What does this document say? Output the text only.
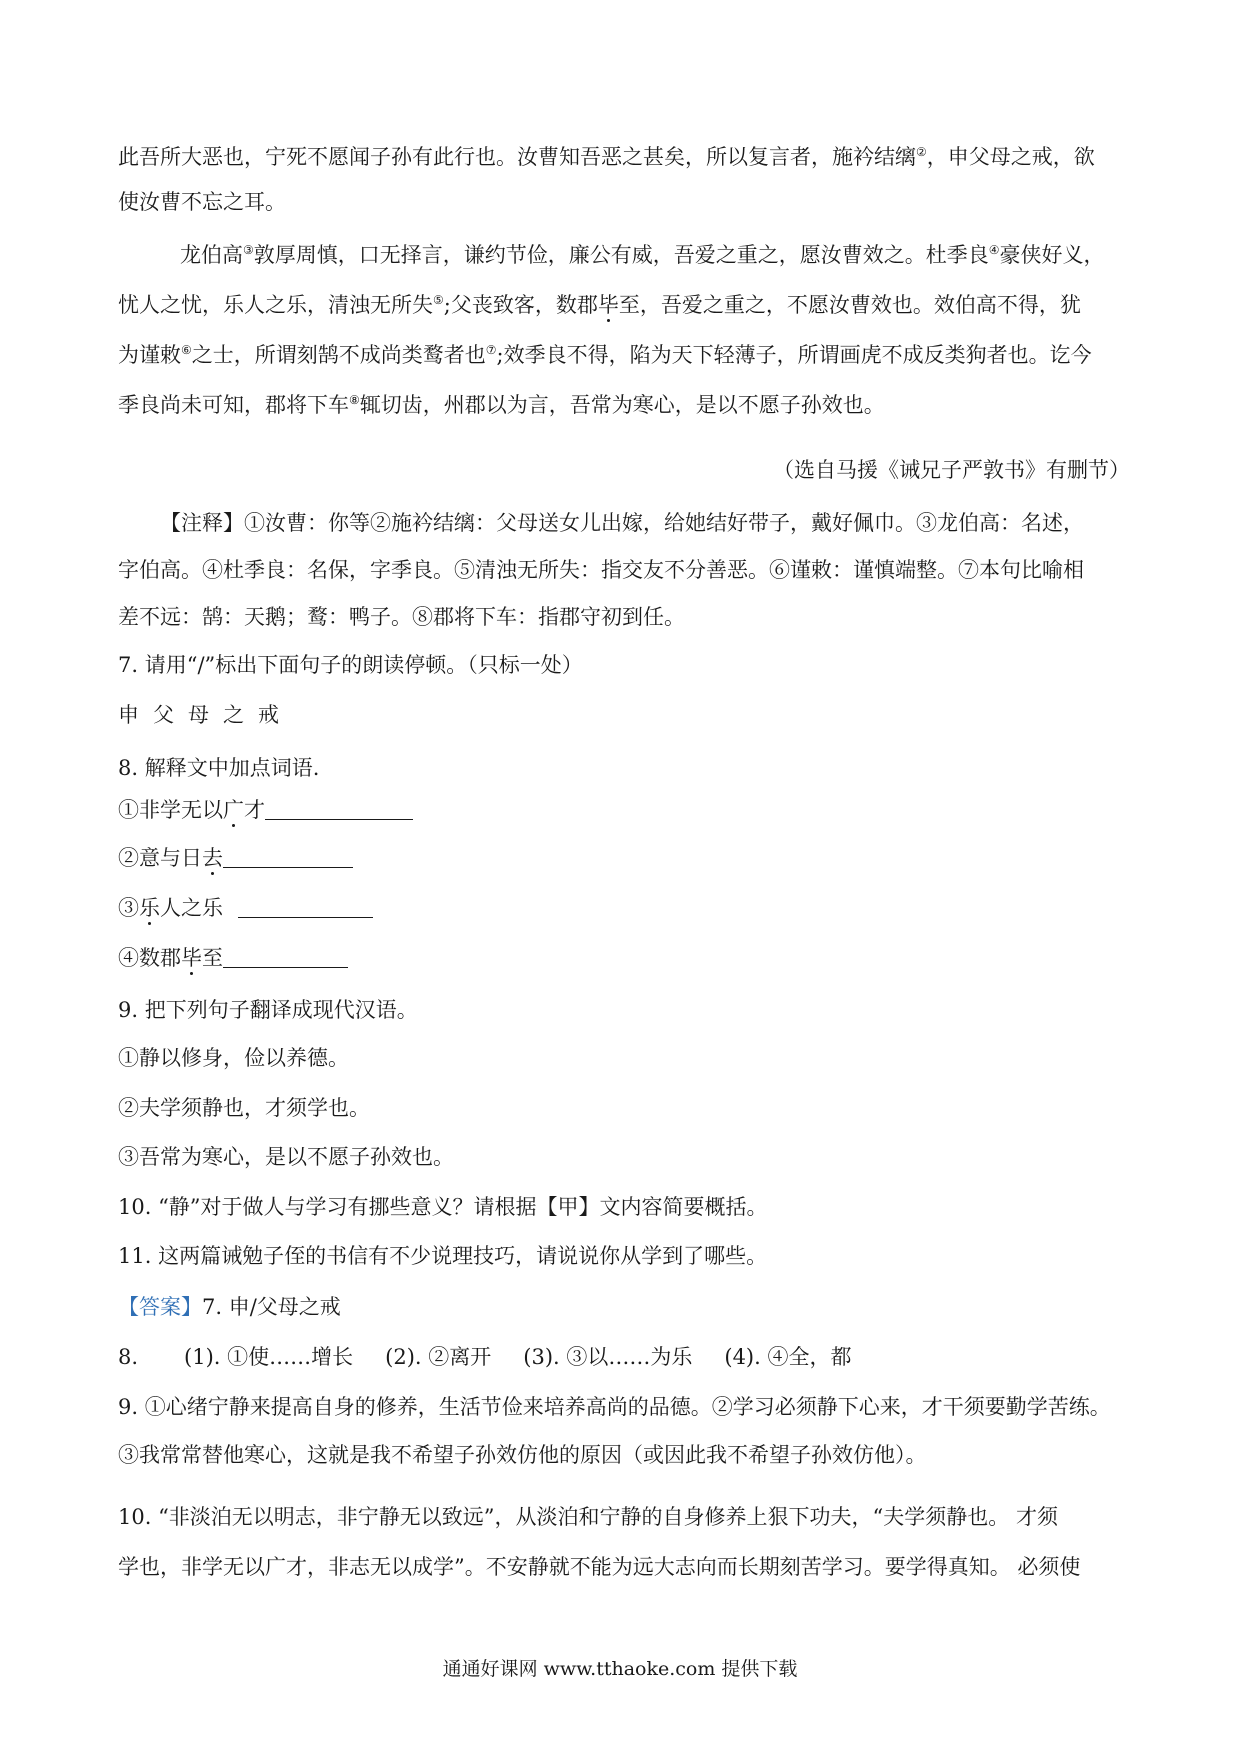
此吾所大恶也，宁死不愿闻子孙有此行也。汝曹知吾恶之甚矣，所以复言者，施衿结缡②，申父母之戒，欲
使汝曹不忘之耳。
龙伯高③敦厚周慎，口无择言，谦约节俭，廉公有威，吾爱之重之，愿汝曹效之。杜季良④豪侠好义，
忧人之忧，乐人之乐，清浊无所失⑤;父丧致客，数郡毕至，吾爱之重之，不愿汝曹效也。效伯高不得，犹
为谨敕⑥之士，所谓刻鹄不成尚类鹜者也⑦;效季良不得，陷为天下轻薄子，所谓画虎不成反类狗者也。讫今
季良尚未可知，郡将下车⑧辄切齿，州郡以为言，吾常为寒心，是以不愿子孙效也。
（选自马援《诫兄子严敦书》有删节）
【注释】①汝曹：你等②施衿结缡：父母送女儿出嫁，给她结好带子，戴好佩巾。③龙伯高：名述，
字伯高。④杜季良：名保，字季良。⑤清浊无所失：指交友不分善恶。⑥谨敕：谨慎端整。⑦本句比喻相
差不远：鹄：天鹅；鹜：鸭子。⑧郡将下车：指郡守初到任。
7. 请用“/”标出下面句子的朗读停顿。（只标一处）
申 父 母 之 戒
8. 解释文中加点词语.
①非学无以广才
②意与日去
③乐人之乐
④数郡毕至
9. 把下列句子翻译成现代汉语。
①静以修身，俭以养德。
②夫学须静也，才须学也。
③吾常为寒心，是以不愿子孙效也。
10. “静”对于做人与学习有挪些意义？请根据【甲】文内容简要概括。
11. 这两篇诫勉子侄的书信有不少说理技巧，请说说你从学到了哪些。
【答案】7. 申/父母之戒
8. (1). ①使……增长 (2). ②离开 (3). ③以……为乐 (4). ④全，都
9. ①心绪宁静来提高自身的修养，生活节俭来培养高尚的品德。②学习必须静下心来，才干须要勤学苦练。
③我常常替他寒心，这就是我不希望子孙效仿他的原因（或因此我不希望子孙效仿他）。
10. “非淡泊无以明志，非宁静无以致远”，从淡泊和宁静的自身修养上狠下功夫，“夫学须静也。 才须
学也，非学无以广才，非志无以成学”。不安静就不能为远大志向而长期刻苦学习。要学得真知。 必须使
通通好课网 www.tthaoke.com 提供下载
